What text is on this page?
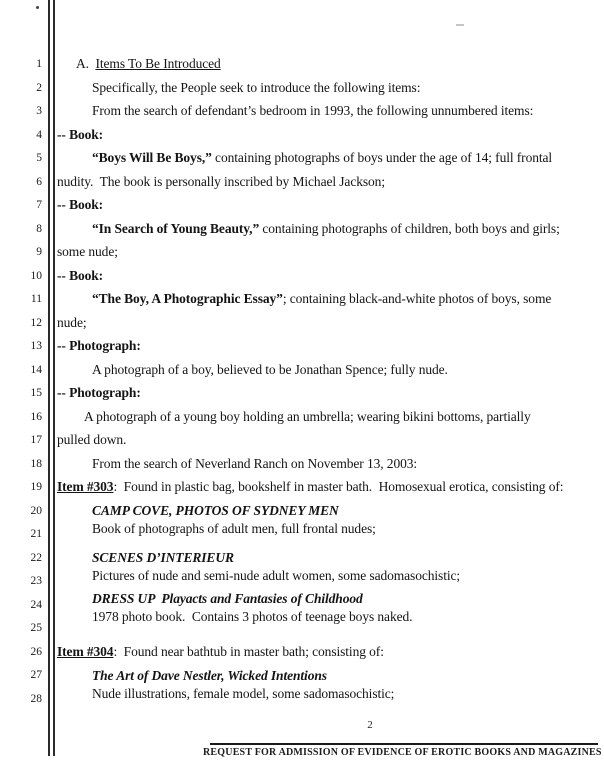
1
2
3
4
5
6
7
8
9
10
11
12
13
14
15
16
17
18
19
20
21
22
23
24
25
26
27
28
A.  Items To Be Introduced
Specifically, the People seek to introduce the following items:
From the search of defendant’s bedroom in 1993, the following unnumbered items:
-- Book:
“Boys Will Be Boys,” containing photographs of boys under the age of 14; full frontal
nudity.  The book is personally inscribed by Michael Jackson;
-- Book:
“In Search of Young Beauty,” containing photographs of children, both boys and girls;
some nude;
-- Book:
“The Boy, A Photographic Essay”; containing black-and-white photos of boys, some
nude;
-- Photograph:
A photograph of a boy, believed to be Jonathan Spence; fully nude.
-- Photograph:
A photograph of a young boy holding an umbrella; wearing bikini bottoms, partially
pulled down.
From the search of Neverland Ranch on November 13, 2003:
Item #303:  Found in plastic bag, bookshelf in master bath.  Homosexual erotica, consisting of:
CAMP COVE, PHOTOS OF SYDNEY MEN
Book of photographs of adult men, full frontal nudes;
SCENES D’INTERIEUR
Pictures of nude and semi-nude adult women, some sadomasochistic;
DRESS UP  Playacts and Fantasies of Childhood
1978 photo book.  Contains 3 photos of teenage boys naked.
Item #304:  Found near bathtub in master bath; consisting of:
The Art of Dave Nestler, Wicked Intentions
Nude illustrations, female model, some sadomasochistic;
2
REQUEST FOR ADMISSION OF EVIDENCE OF EROTIC BOOKS AND MAGAZINES
